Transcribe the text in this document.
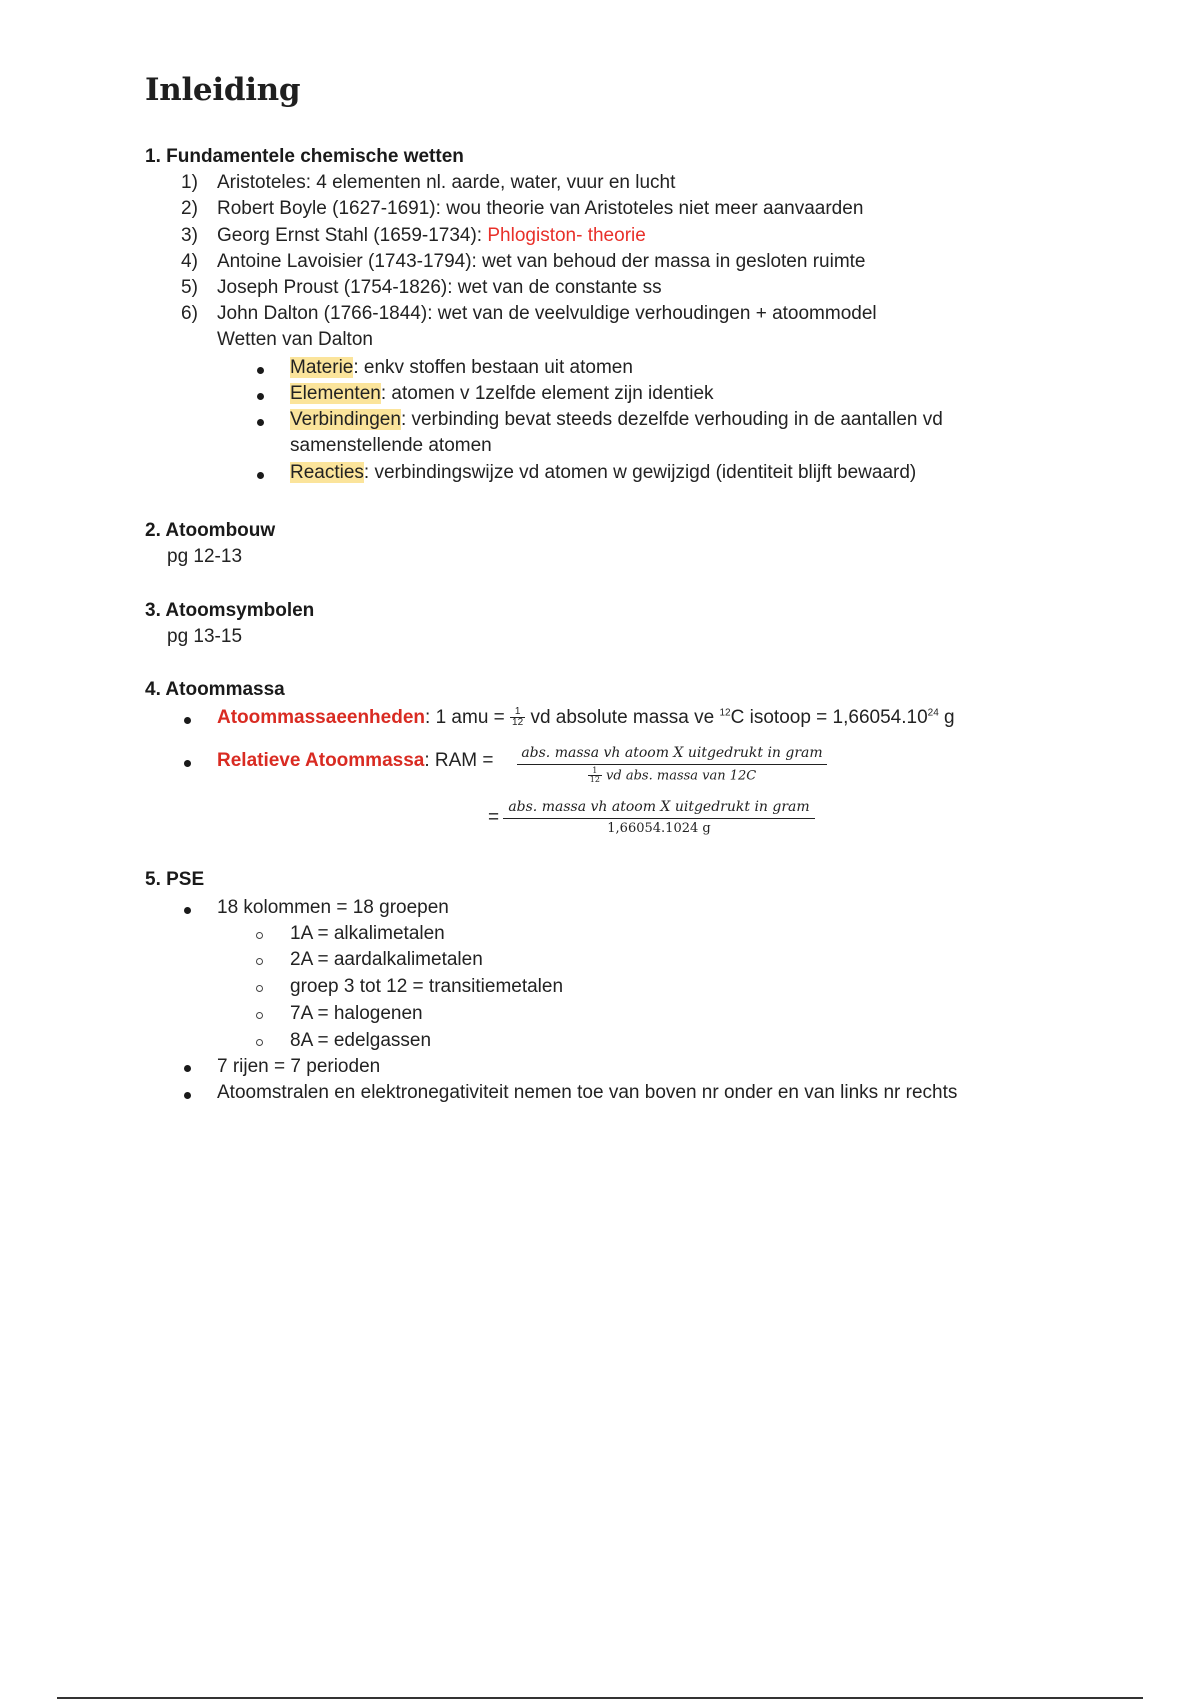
Inleiding
1. Fundamentele chemische wetten
1) Aristoteles: 4 elementen nl. aarde, water, vuur en lucht
2) Robert Boyle (1627-1691): wou theorie van Aristoteles niet meer aanvaarden
3) Georg Ernst Stahl (1659-1734): Phlogiston- theorie
4) Antoine Lavoisier (1743-1794): wet van behoud der massa in gesloten ruimte
5) Joseph Proust (1754-1826): wet van de constante ss
6) John Dalton (1766-1844): wet van de veelvuldige verhoudingen + atoommodel
Wetten van Dalton
Materie: enkv stoffen bestaan uit atomen
Elementen: atomen v 1zelfde element zijn identiek
Verbindingen: verbinding bevat steeds dezelfde verhouding in de aantallen vd
samenstellende atomen
Reacties: verbindingswijze vd atomen w gewijzigd (identiteit blijft bewaard)
2. Atoombouw
pg 12-13
3. Atoomsymbolen
pg 13-15
4. Atoommassa
Atoommassaeenheden: 1 amu = $\frac{1}{12}$ vd absolute massa ve $^{12}$C isotoop = $1,66054.10^{24}$ g
Relatieve Atoommassa: RAM =	abs. massa vh atoom X uitgedrukt in gram
$\frac{1}{12}$ vd abs. massa van 12C
= abs. massa vh atoom X uitgedrukt in gram
1,66054.1024 g
5. PSE
18 kolommen = 18 groepen
1A = alkalimetalen
2A = aardalkalimetalen
groep 3 tot 12 = transitiemetalen
7A = halogenen
8A = edelgassen
7 rijen = 7 perioden
Atoomstralen en elektronegativiteit nemen toe van boven nr onder en van links nr rechts
